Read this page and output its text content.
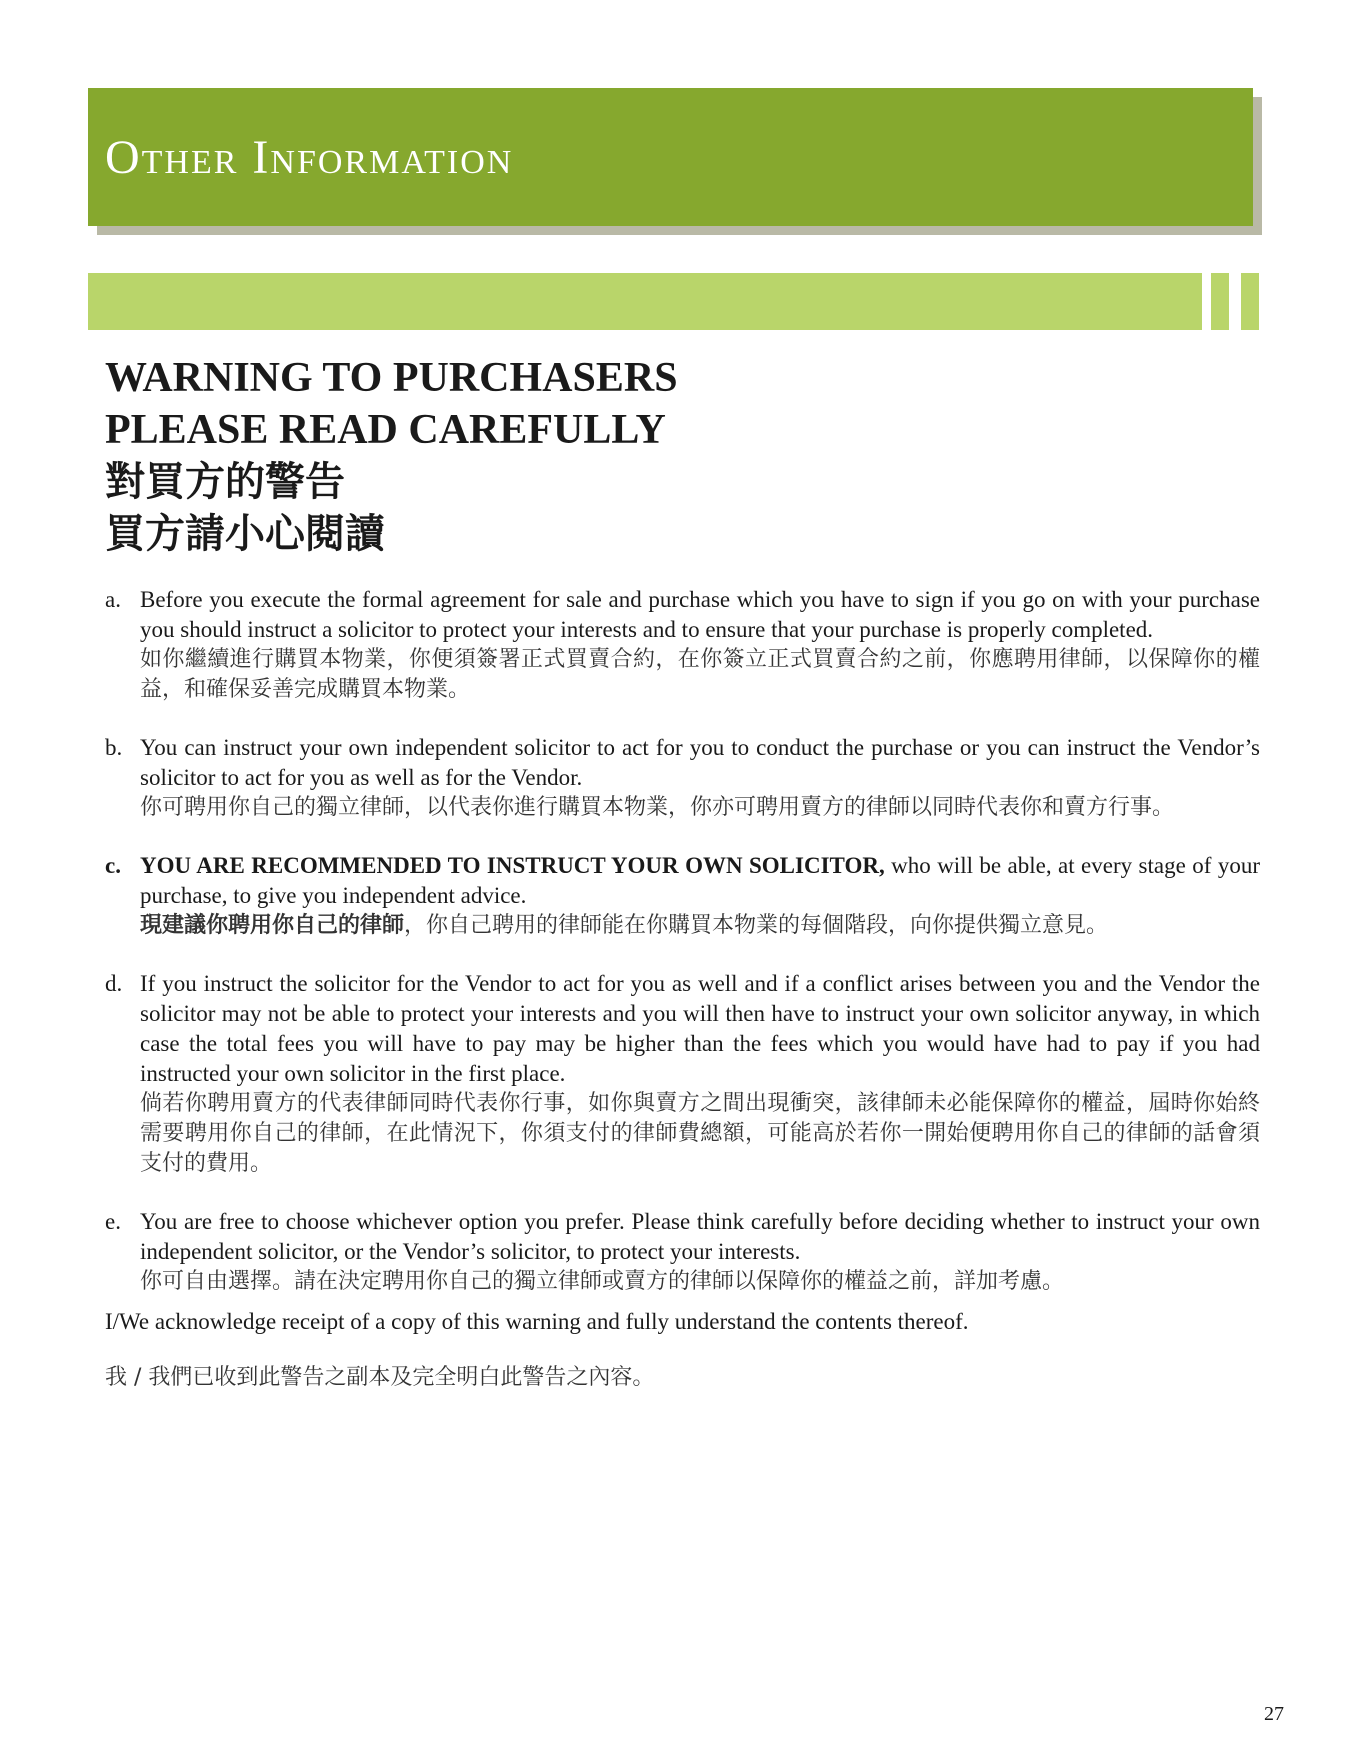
Other Information

WARNING TO PURCHASERS

PLEASE READ CAREFULLY

對買方的警告

買方請小心閱讀

a. Before you execute the formal agreement for sale and purchase which you have to sign if you go on with your purchase you should instruct a solicitor to protect your interests and to ensure that your purchase is properly completed.

如你繼續進行購買本物業，你便須簽署正式買賣合約，在你簽立正式買賣合約之前，你應聘用律師，以保障你的權益，和確保妥善完成購買本物業。

b. You can instruct your own independent solicitor to act for you to conduct the purchase or you can instruct the Vendor’s solicitor to act for you as well as for the Vendor.

你可聘用你自己的獨立律師，以代表你進行購買本物業，你亦可聘用賣方的律師以同時代表你和賣方行事。

c. YOU ARE RECOMMENDED TO INSTRUCT YOUR OWN SOLICITOR, who will be able, at every stage of your purchase, to give you independent advice.

現建議你聘用你自己的律師，你自己聘用的律師能在你購買本物業的每個階段，向你提供獨立意見。

d. If you instruct the solicitor for the Vendor to act for you as well and if a conflict arises between you and the Vendor the solicitor may not be able to protect your interests and you will then have to instruct your own solicitor anyway, in which case the total fees you will have to pay may be higher than the fees which you would have had to pay if you had instructed your own solicitor in the first place.

倘若你聘用賣方的代表律師同時代表你行事，如你與賣方之間出現衝突，該律師未必能保障你的權益，屆時你始終需要聘用你自己的律師，在此情況下，你須支付的律師費總額，可能高於若你一開始便聘用你自己的律師的話會須支付的費用。

e. You are free to choose whichever option you prefer. Please think carefully before deciding whether to instruct your own independent solicitor, or the Vendor’s solicitor, to protect your interests.

你可自由選擇。請在決定聘用你自己的獨立律師或賣方的律師以保障你的權益之前，詳加考慮。

I/We acknowledge receipt of a copy of this warning and fully understand the contents thereof.

我 / 我們已收到此警告之副本及完全明白此警告之內容。

27
